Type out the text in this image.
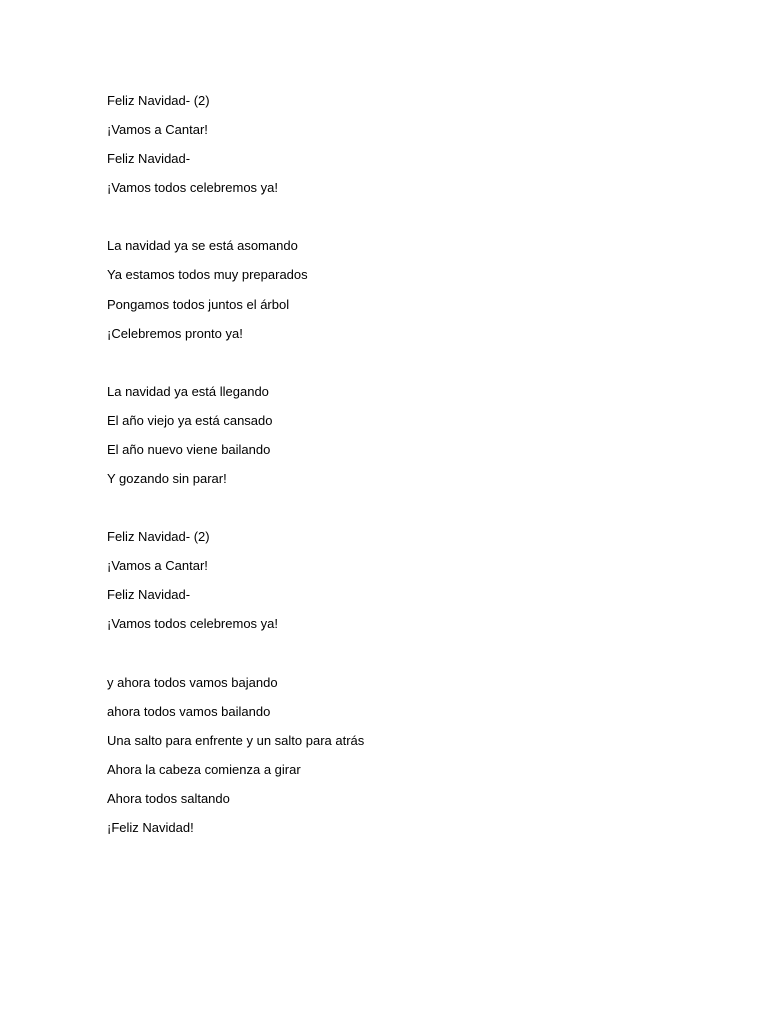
Feliz Navidad- (2)
¡Vamos a Cantar!
Feliz Navidad-
¡Vamos todos celebremos ya!
La navidad ya se está asomando
Ya estamos todos muy preparados
Pongamos todos juntos el árbol
¡Celebremos pronto ya!
La navidad ya está llegando
El año viejo ya está cansado
El año nuevo viene bailando
Y gozando sin parar!
Feliz Navidad- (2)
¡Vamos a Cantar!
Feliz Navidad-
¡Vamos todos celebremos ya!
y ahora todos vamos bajando
ahora todos vamos bailando
Una salto para enfrente y un salto para atrás
Ahora la cabeza comienza a girar
Ahora todos saltando
¡Feliz Navidad!
